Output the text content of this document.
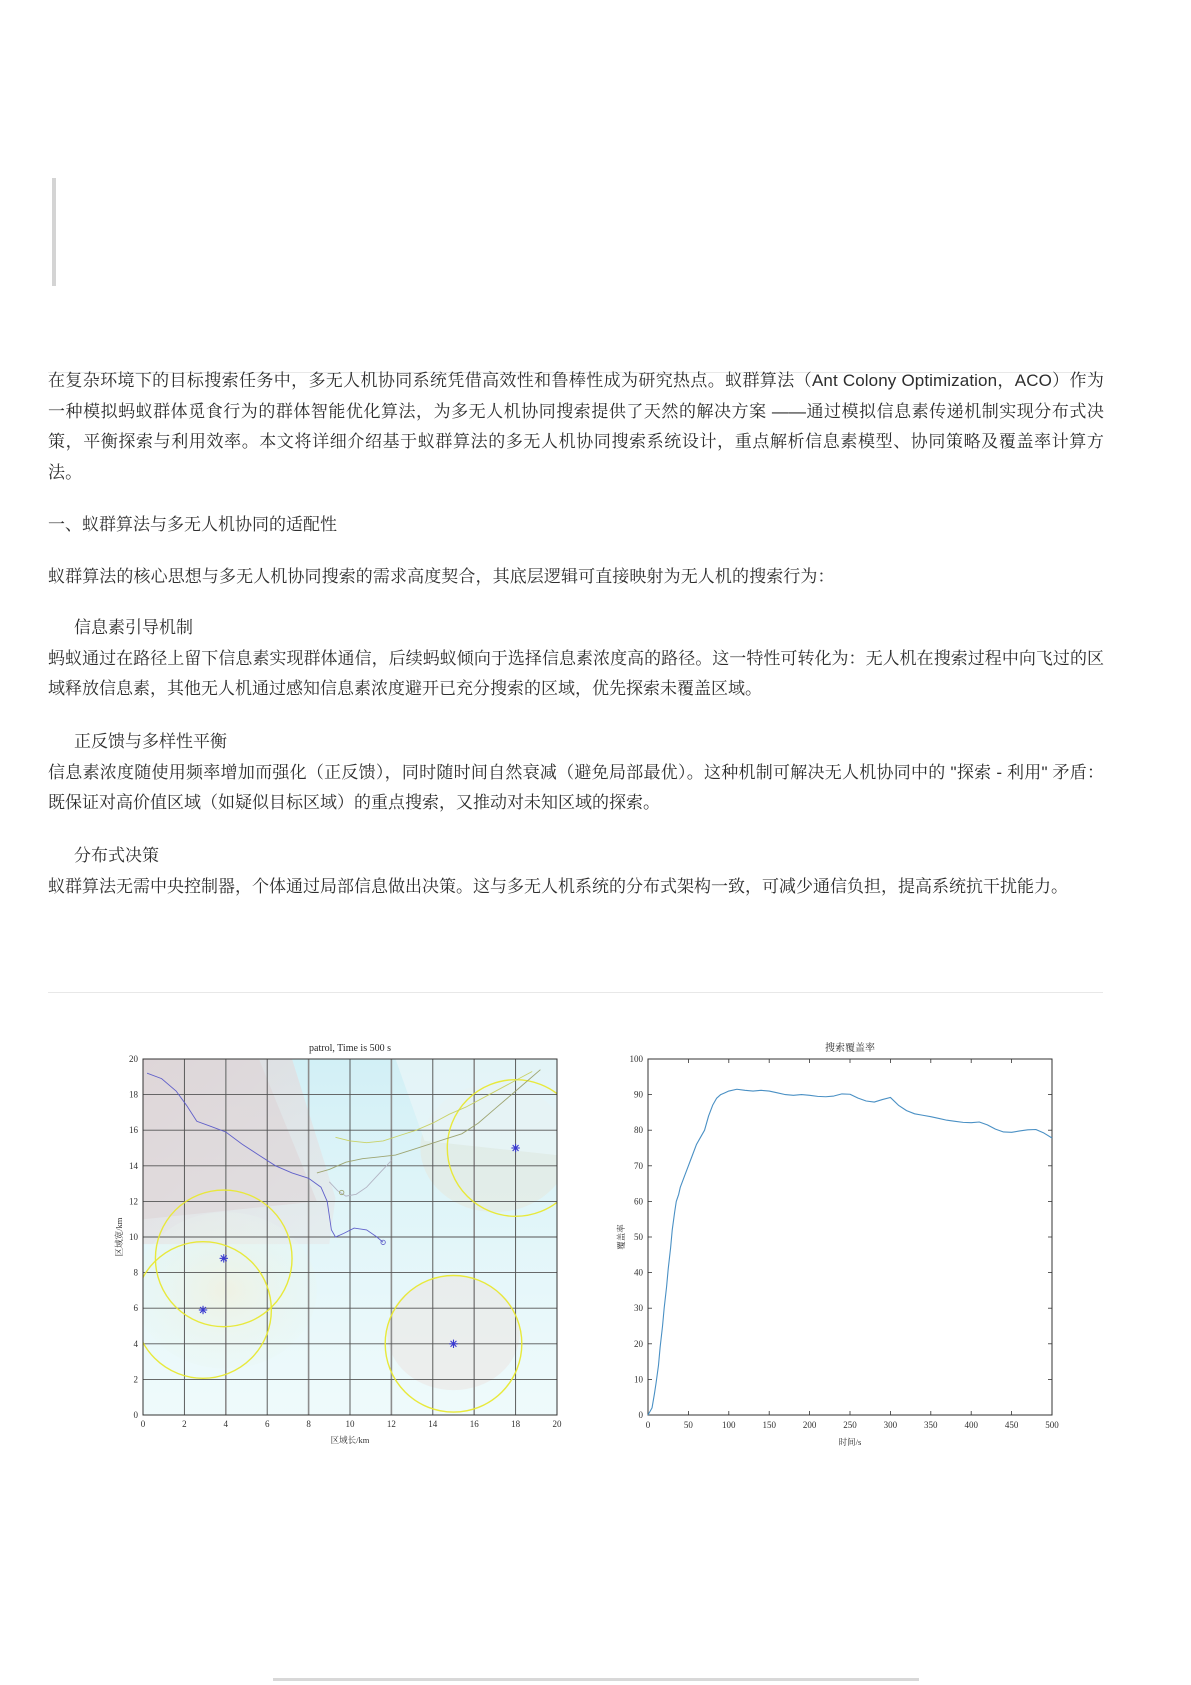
在复杂环境下的目标搜索任务中，多无人机协同系统凭借高效性和鲁棒性成为研究热点。蚁群算法（Ant Colony Optimization，ACO）作为一种模拟蚂蚁群体觅食行为的群体智能优化算法，为多无人机协同搜索提供了天然的解决方案 ——通过模拟信息素传递机制实现分布式决策，平衡探索与利用效率。本文将详细介绍基于蚁群算法的多无人机协同搜索系统设计，重点解析信息素模型、协同策略及覆盖率计算方法。

一、蚁群算法与多无人机协同的适配性

蚁群算法的核心思想与多无人机协同搜索的需求高度契合，其底层逻辑可直接映射为无人机的搜索行为：

信息素引导机制

蚂蚁通过在路径上留下信息素实现群体通信，后续蚂蚁倾向于选择信息素浓度高的路径。这一特性可转化为：无人机在搜索过程中向飞过的区域释放信息素，其他无人机通过感知信息素浓度避开已充分搜索的区域，优先探索未覆盖区域。

正反馈与多样性平衡

信息素浓度随使用频率增加而强化（正反馈），同时随时间自然衰减（避免局部最优）。这种机制可解决无人机协同中的 "探索 - 利用" 矛盾：既保证对高价值区域（如疑似目标区域）的重点搜索，又推动对未知区域的探索。

分布式决策

蚁群算法无需中央控制器，个体通过局部信息做出决策。这与多无人机系统的分布式架构一致，可减少通信负担，提高系统抗干扰能力。

patrol, Time is 500 s
0	2	4	6	8	10	12	14	16	18	20
0
2
4
6
8
10
12
14
16
18
20
区域长/km
区域宽/km
搜索覆盖率
0	50	100	150	200	250	300	350	400	450	500
0
10
20
30
40
50
60
70
80
90
100
时间/s
覆盖率
